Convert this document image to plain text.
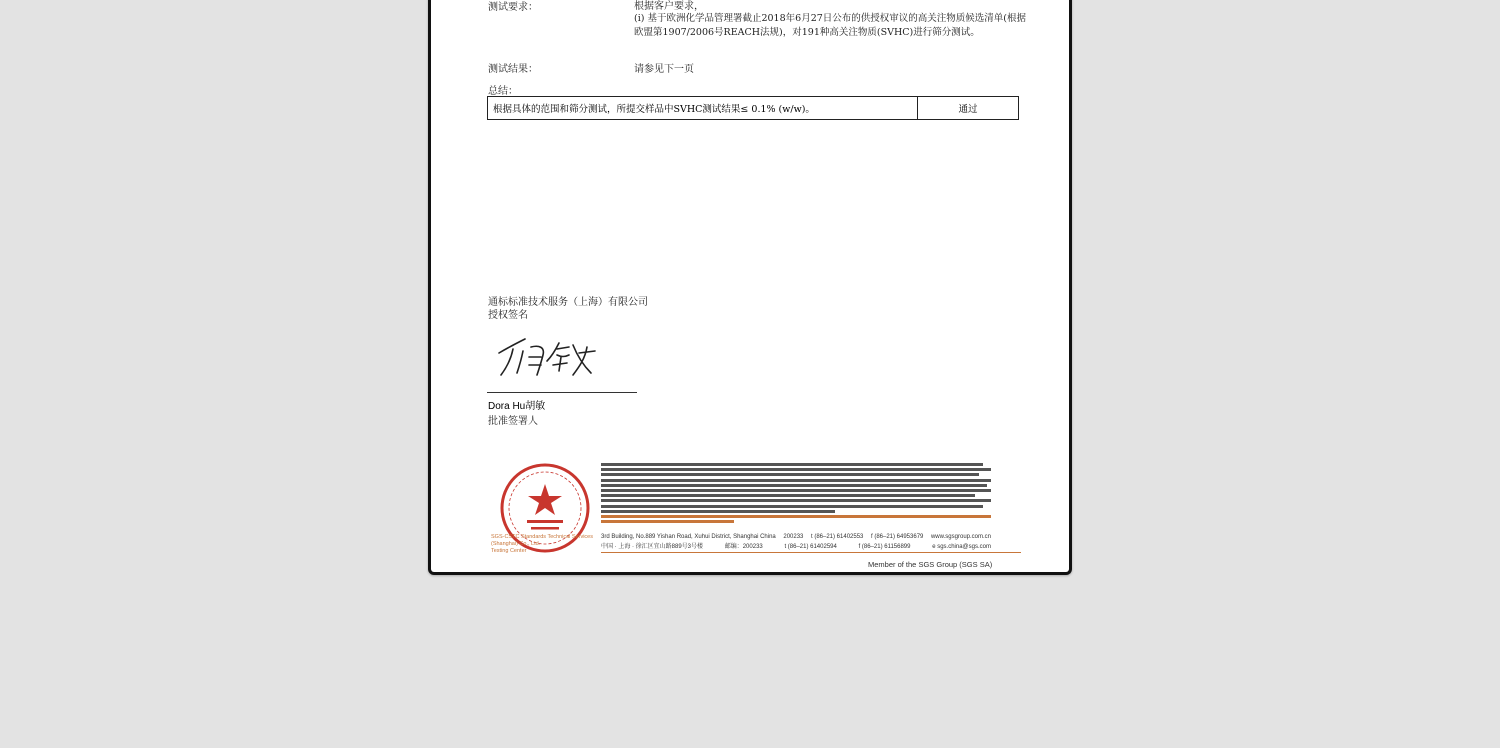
测试要求：	根据客户要求，
(i) 基于欧洲化学品管理署截止2018年6月27日公布的供授权审议的高关注物质候选清单(根据欧盟第1907/2006号REACH法规)，对191种高关注物质(SVHC)进行筛分测试。
测试结果：	请参见下一页
总结：
根据具体的范围和筛分测试，所提交样品中SVHC测试结果≤ 0.1% (w/w)。	通过
通标标准技术服务（上海）有限公司
授权签名
Dora Hu胡敏
批准签署人
SGS-CSTC Standards Technical Services (Shanghai) Co., Ltd.
Testing Center
3rd Building, No.889 Yishan Road, Xuhui District, Shanghai China 200233 t (86–21) 61402553 f (86–21) 64953679 www.sgsgroup.com.cn
中国 · 上海 · 徐汇区宜山路889号3号楼	邮编：200233	t (86–21) 61402594	f (86–21) 61156899	e sgs.china@sgs.com
Member of the SGS Group (SGS SA)
